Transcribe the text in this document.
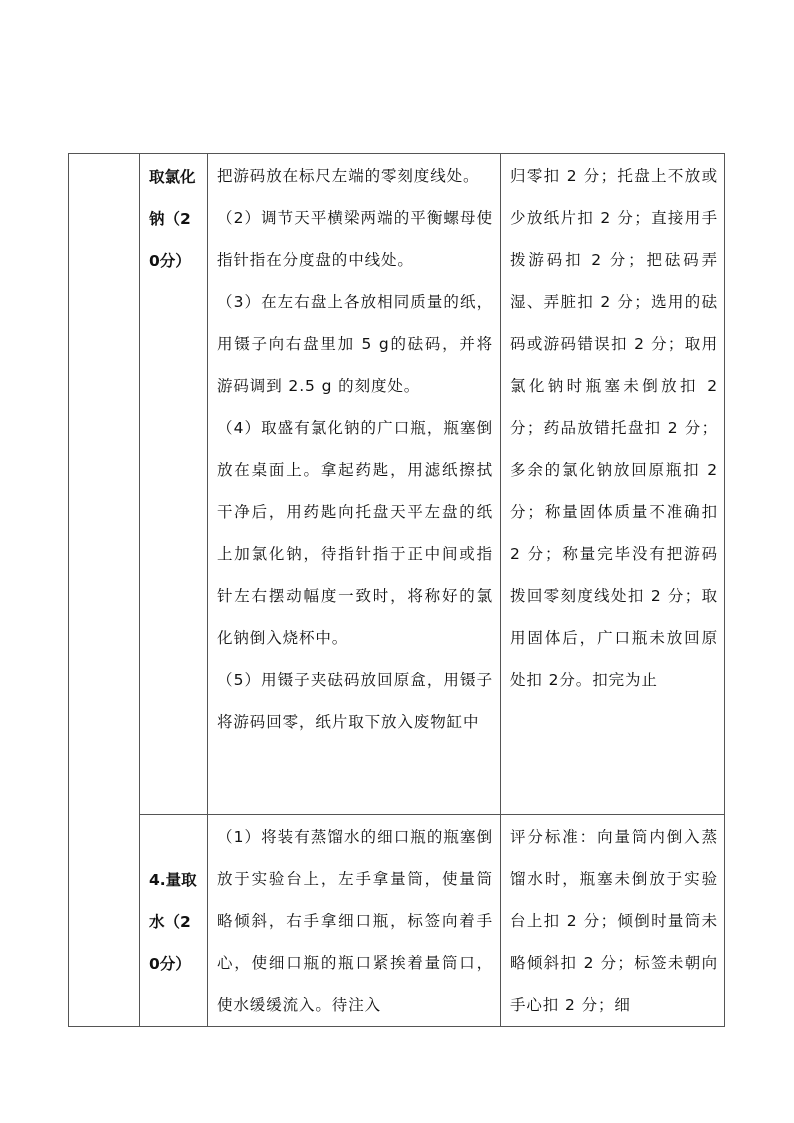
	取氯化钠（20分）	把游码放在标尺左端的零刻度线处。

（2）调节天平横梁两端的平衡螺母使指针指在分度盘的中线处。

（3）在左右盘上各放相同质量的纸，用镊子向右盘里加 5 g的砝码，并将游码调到 2.5 g 的刻度处。

（4）取盛有氯化钠的广口瓶，瓶塞倒放在桌面上。拿起药匙，用滤纸擦拭干净后，用药匙向托盘天平左盘的纸上加氯化钠，待指针指于正中间或指针左右摆动幅度一致时，将称好的氯化钠倒入烧杯中。

（5）用镊子夹砝码放回原盒，用镊子将游码回零，纸片取下放入废物缸中	归零扣 2 分；托盘上不放或少放纸片扣 2 分；直接用手拨游码扣 2 分；把砝码弄湿、弄脏扣 2 分；选用的砝码或游码错误扣 2 分；取用氯化钠时瓶塞未倒放扣 2 分；药品放错托盘扣 2 分；多余的氯化钠放回原瓶扣 2 分；称量固体质量不准确扣 2 分；称量完毕没有把游码拨回零刻度线处扣 2 分；取用固体后，广口瓶未放回原处扣 2分。扣完为止

	4.量取水（20分）	（1）将装有蒸馏水的细口瓶的瓶塞倒放于实验台上，左手拿量筒，使量筒略倾斜，右手拿细口瓶，标签向着手心，使细口瓶的瓶口紧挨着量筒口，使水缓缓流入。待注入	评分标准：向量筒内倒入蒸馏水时，瓶塞未倒放于实验台上扣 2 分；倾倒时量筒未略倾斜扣 2 分；标签未朝向手心扣 2 分；细
